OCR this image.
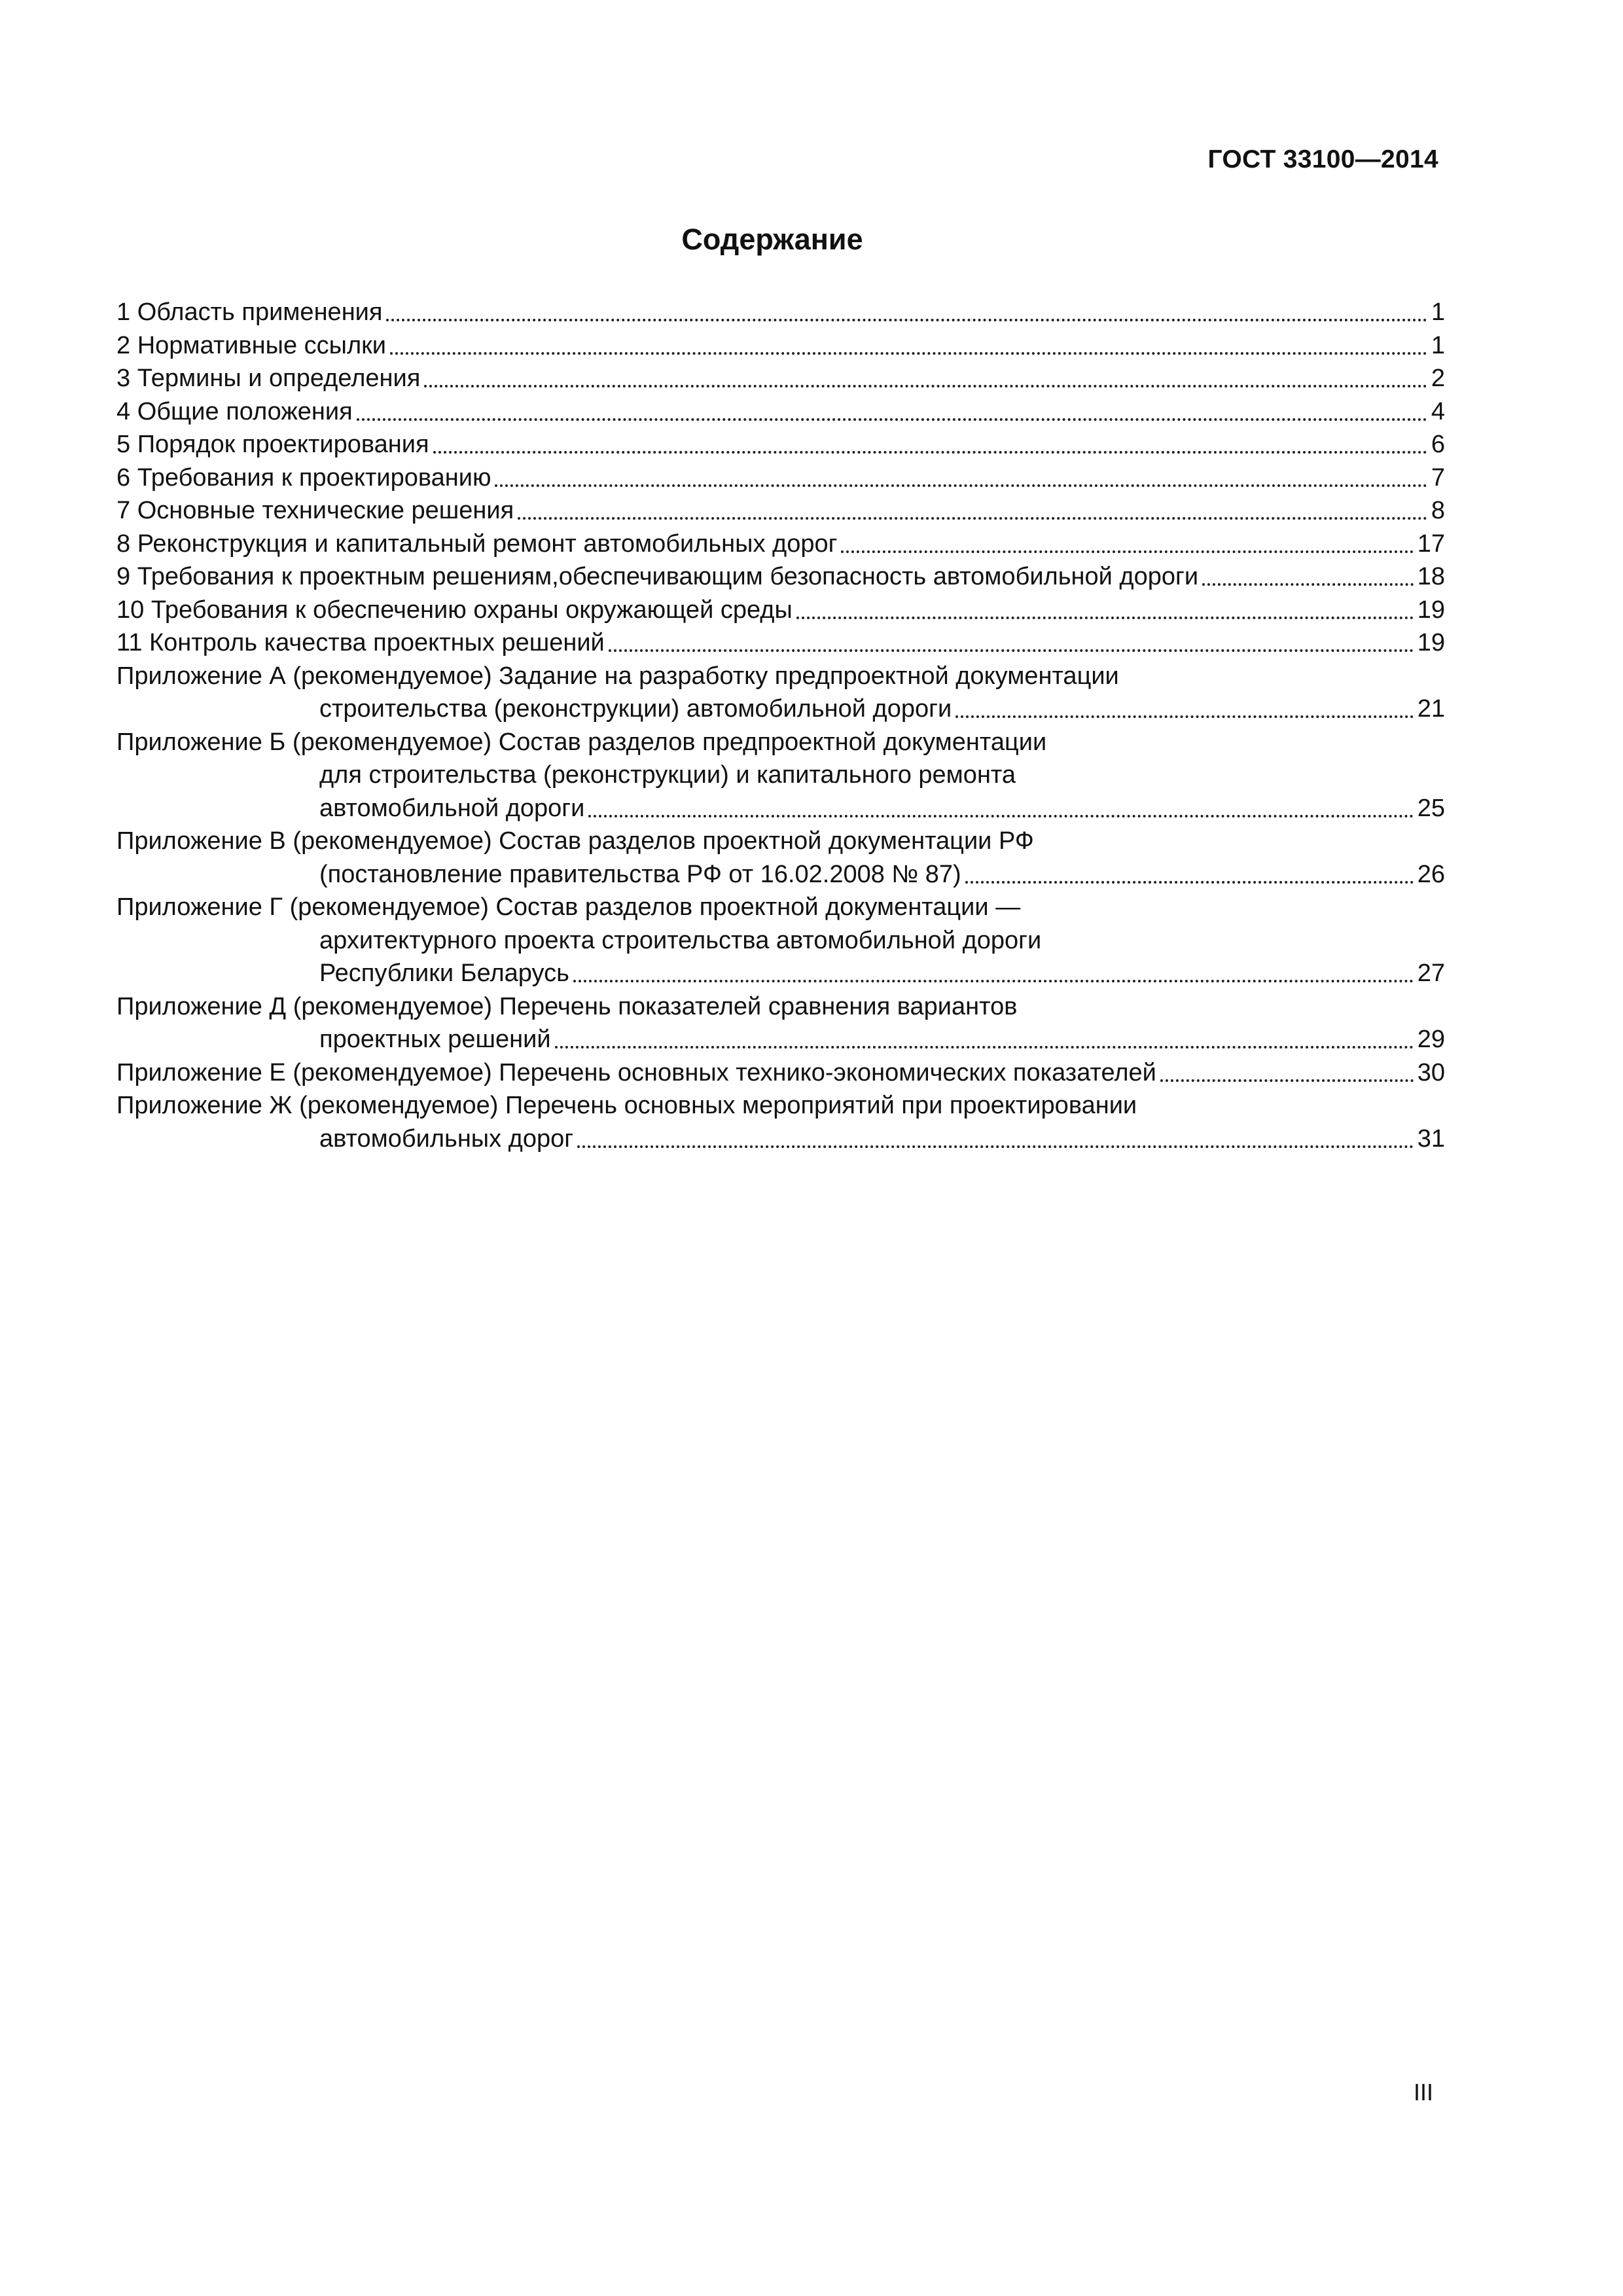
ГОСТ 33100—2014
Содержание
1 Область применения	1
2 Нормативные ссылки	1
3 Термины и определения	2
4 Общие положения	4
5 Порядок проектирования	6
6 Требования к проектированию	7
7 Основные технические решения	8
8 Реконструкция и капитальный ремонт автомобильных дорог	17
9 Требования к проектным решениям,обеспечивающим безопасность автомобильной дороги	18
10 Требования к обеспечению охраны окружающей среды	19
11 Контроль качества проектных решений	19
Приложение А (рекомендуемое) Задание на разработку предпроектной документации
строительства (реконструкции) автомобильной дороги	21
Приложение Б (рекомендуемое) Состав разделов предпроектной документации
для строительства (реконструкции) и капитального ремонта
автомобильной дороги	25
Приложение В (рекомендуемое) Состав разделов проектной документации РФ
(постановление правительства РФ от 16.02.2008 № 87)	26
Приложение Г (рекомендуемое) Состав разделов проектной документации —
архитектурного проекта строительства автомобильной дороги
Республики Беларусь	27
Приложение Д (рекомендуемое) Перечень показателей сравнения вариантов
проектных решений	29
Приложение Е (рекомендуемое) Перечень основных технико-экономических показателей	30
Приложение Ж (рекомендуемое) Перечень основных мероприятий при проектировании
автомобильных дорог	31
III
